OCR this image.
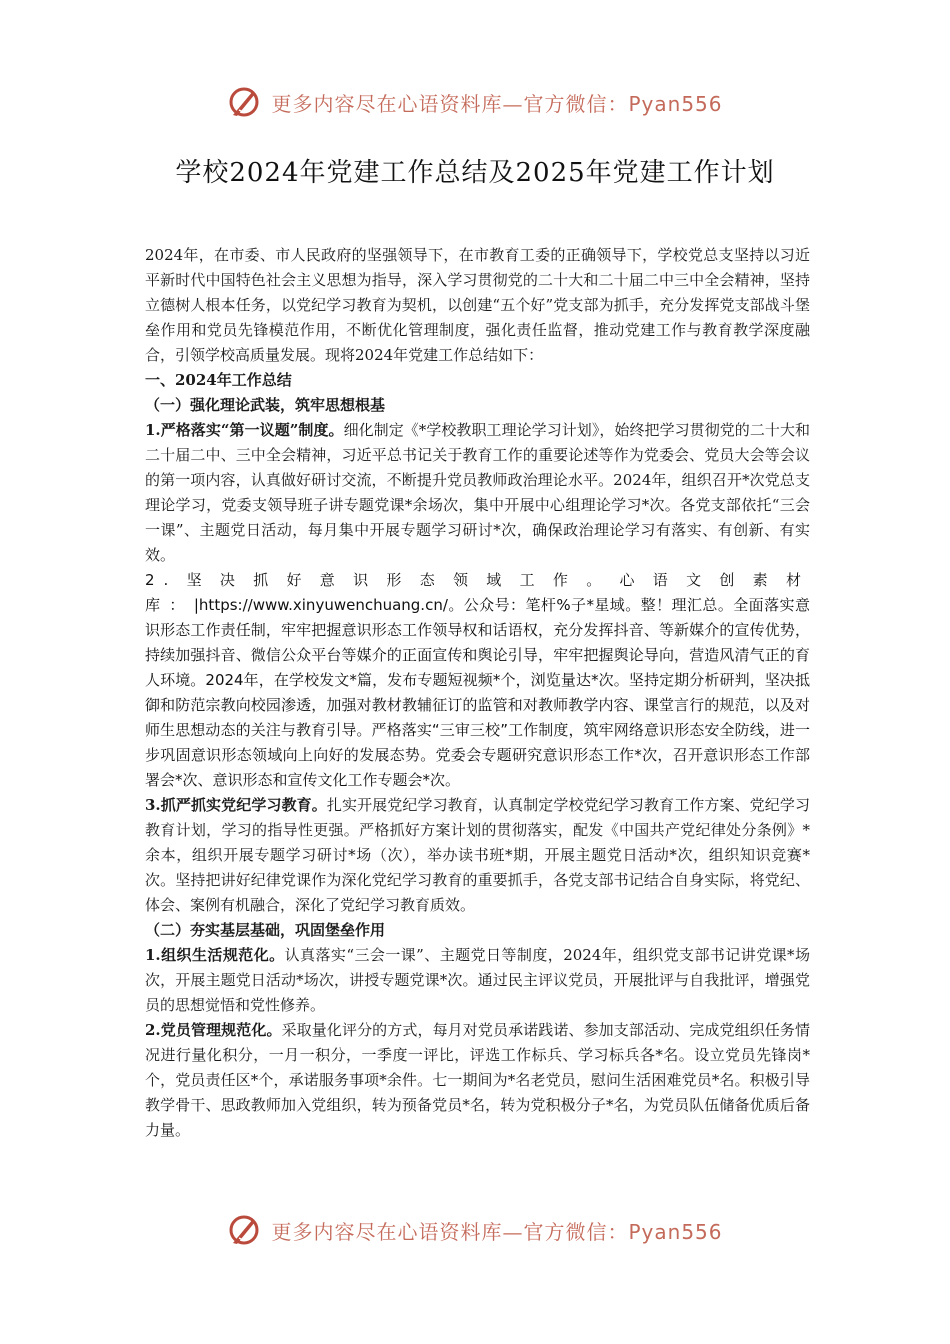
更多内容尽在心语资料库—官方微信：Pyan556
学校2024年党建工作总结及2025年党建工作计划

2024年，在市委、市人民政府的坚强领导下，在市教育工委的正确领导下，学校党总支坚持以习近平新时代中国特色社会主义思想为指导，深入学习贯彻党的二十大和二十届二中三中全会精神，坚持立德树人根本任务，以党纪学习教育为契机，以创建“五个好”党支部为抓手，充分发挥党支部战斗堡垒作用和党员先锋模范作用，不断优化管理制度，强化责任监督，推动党建工作与教育教学深度融合，引领学校高质量发展。现将2024年党建工作总结如下：

一、2024年工作总结

（一）强化理论武装，筑牢思想根基

1.严格落实“第一议题”制度。细化制定《*学校教职工理论学习计划》，始终把学习贯彻党的二十大和二十届二中、三中全会精神，习近平总书记关于教育工作的重要论述等作为党委会、党员大会等会议的第一项内容，认真做好研讨交流，不断提升党员教师政治理论水平。2024年，组织召开*次党总支理论学习，党委支领导班子讲专题党课*余场次，集中开展中心组理论学习*次。各党支部依托“三会一课”、主题党日活动，每月集中开展专题学习研讨*次，确保政治理论学习有落实、有创新、有实效。

2.坚决抓好意识形态领域工作。心语文创素材库：|https://www.xinyuwenchuang.cn/。公众号：笔杆%子*星域。整！理汇总。全面落实意识形态工作责任制，牢牢把握意识形态工作领导权和话语权，充分发挥抖音、等新媒介的宣传优势，持续加强抖音、微信公众平台等媒介的正面宣传和舆论引导，牢牢把握舆论导向，营造风清气正的育人环境。2024年，在学校发文*篇，发布专题短视频*个，浏览量达*次。坚持定期分析研判，坚决抵御和防范宗教向校园渗透，加强对教材教辅征订的监管和对教师教学内容、课堂言行的规范，以及对师生思想动态的关注与教育引导。严格落实“三审三校”工作制度，筑牢网络意识形态安全防线，进一步巩固意识形态领域向上向好的发展态势。党委会专题研究意识形态工作*次，召开意识形态工作部署会*次、意识形态和宣传文化工作专题会*次。

3.抓严抓实党纪学习教育。扎实开展党纪学习教育，认真制定学校党纪学习教育工作方案、党纪学习教育计划，学习的指导性更强。严格抓好方案计划的贯彻落实，配发《中国共产党纪律处分条例》*余本，组织开展专题学习研讨*场（次），举办读书班*期，开展主题党日活动*次，组织知识竞赛*次。坚持把讲好纪律党课作为深化党纪学习教育的重要抓手，各党支部书记结合自身实际，将党纪、体会、案例有机融合，深化了党纪学习教育质效。

（二）夯实基层基础，巩固堡垒作用

1.组织生活规范化。认真落实“三会一课”、主题党日等制度，2024年，组织党支部书记讲党课*场次，开展主题党日活动*场次，讲授专题党课*次。通过民主评议党员，开展批评与自我批评，增强党员的思想觉悟和党性修养。

2.党员管理规范化。采取量化评分的方式，每月对党员承诺践诺、参加支部活动、完成党组织任务情况进行量化积分，一月一积分，一季度一评比，评选工作标兵、学习标兵各*名。设立党员先锋岗*个，党员责任区*个，承诺服务事项*余件。七一期间为*名老党员，慰问生活困难党员*名。积极引导教学骨干、思政教师加入党组织，转为预备党员*名，转为党积极分子*名，为党员队伍储备优质后备力量。

更多内容尽在心语资料库—官方微信：Pyan556
